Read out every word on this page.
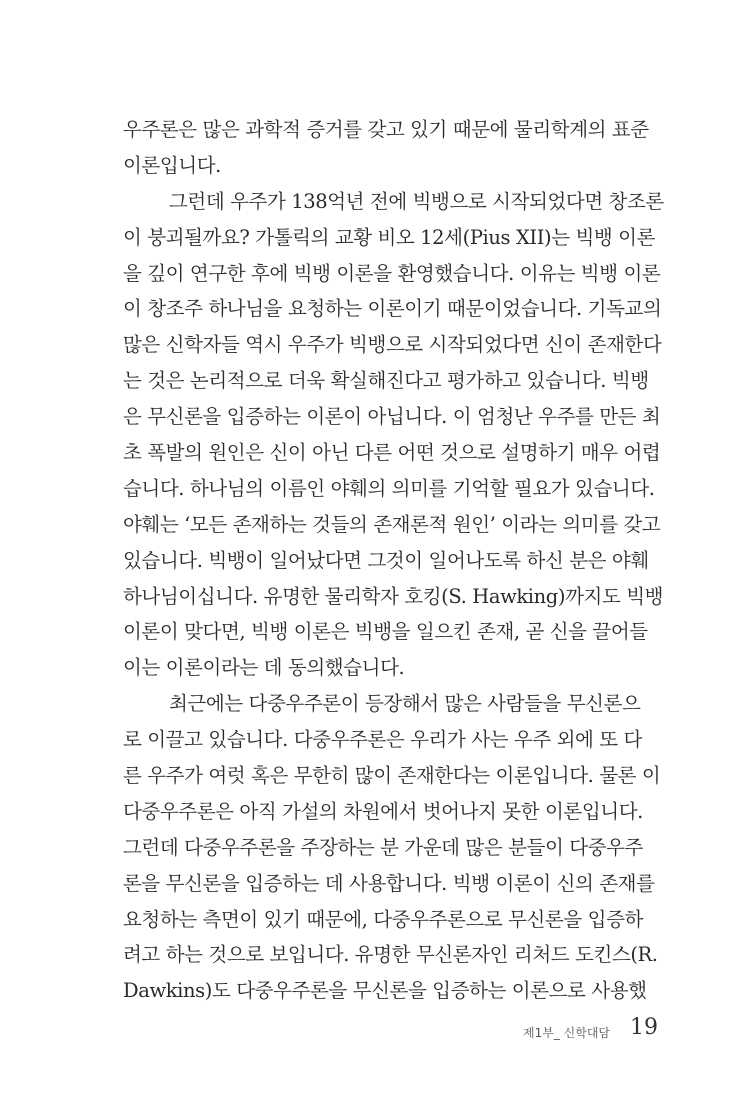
우주론은 많은 과학적 증거를 갖고 있기 때문에 물리학계의 표준
이론입니다.
그런데 우주가 138억년 전에 빅뱅으로 시작되었다면 창조론
이 붕괴될까요? 가톨릭의 교황 비오 12세(Pius XII)는 빅뱅 이론
을 깊이 연구한 후에 빅뱅 이론을 환영했습니다. 이유는 빅뱅 이론
이 창조주 하나님을 요청하는 이론이기 때문이었습니다. 기독교의
많은 신학자들 역시 우주가 빅뱅으로 시작되었다면 신이 존재한다
는 것은 논리적으로 더욱 확실해진다고 평가하고 있습니다. 빅뱅
은 무신론을 입증하는 이론이 아닙니다. 이 엄청난 우주를 만든 최
초 폭발의 원인은 신이 아닌 다른 어떤 것으로 설명하기 매우 어렵
습니다. 하나님의 이름인 야훼의 의미를 기억할 필요가 있습니다.
야훼는 ‘모든 존재하는 것들의 존재론적 원인’ 이라는 의미를 갖고
있습니다. 빅뱅이 일어났다면 그것이 일어나도록 하신 분은 야훼
하나님이십니다. 유명한 물리학자 호킹(S. Hawking)까지도 빅뱅
이론이 맞다면, 빅뱅 이론은 빅뱅을 일으킨 존재, 곧 신을 끌어들
이는 이론이라는 데 동의했습니다.
최근에는 다중우주론이 등장해서 많은 사람들을 무신론으
로 이끌고 있습니다. 다중우주론은 우리가 사는 우주 외에 또 다
른 우주가 여럿 혹은 무한히 많이 존재한다는 이론입니다. 물론 이
다중우주론은 아직 가설의 차원에서 벗어나지 못한 이론입니다.
그런데 다중우주론을 주장하는 분 가운데 많은 분들이 다중우주
론을 무신론을 입증하는 데 사용합니다. 빅뱅 이론이 신의 존재를
요청하는 측면이 있기 때문에, 다중우주론으로 무신론을 입증하
려고 하는 것으로 보입니다. 유명한 무신론자인 리처드 도킨스(R.
Dawkins)도 다중우주론을 무신론을 입증하는 이론으로 사용했
제1부_ 신학대담 19
